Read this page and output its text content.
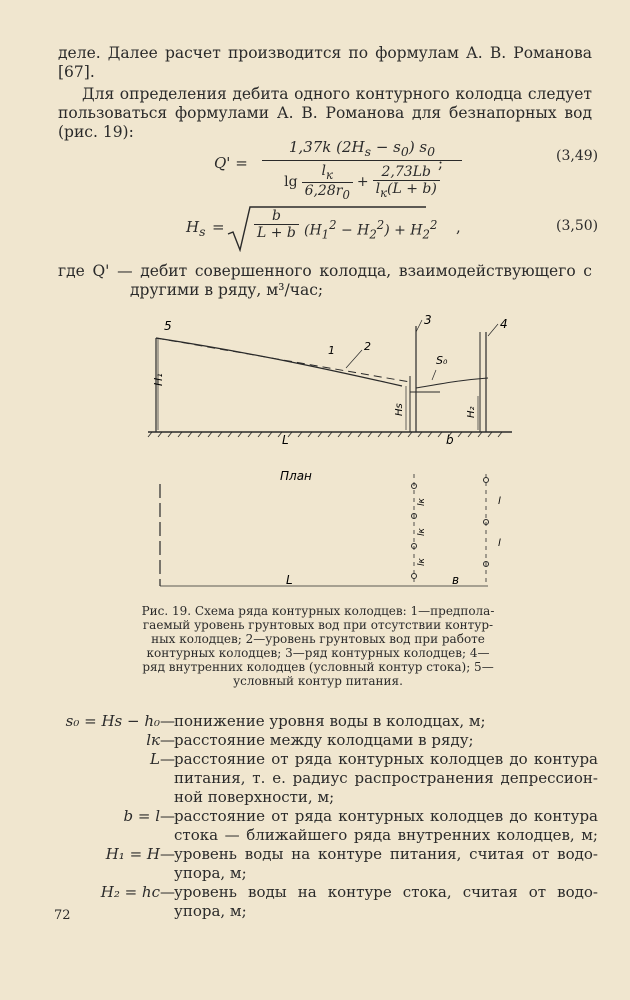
деле. Далее расчет производится по формулам А. В. Романова
[67].
Для определения дебита одного контурного колодца следует
пользоваться формулами А. В. Романова для безнапорных вод
(рис. 19):
Q' =
1,37k $(2H_s - s_0)$ $s_0$
$\lg \frac{l_к}{6,28r_0} + \frac{2,73Lb}{l_к(L + b)}$
;	(3,49)
$H_s = \frac{b}{L + b} (H_1^2 - H_2^2) + H_2^2$ ,	(3,50)
где Q' — дебит совершенного колодца, взаимодействующего с
другими в ряду, м³/час;
5
1	2
3
S₀
4
H₁
Hs	H₂
L	b
План
lк
lк
lк
l
l
L	в
Рис. 19. Схема ряда контурных колодцев: 1—предпола-
гаемый уровень грунтовых вод при отсутствии контур-
ных колодцев; 2—уровень грунтовых вод при работе
контурных колодцев; 3—ряд контурных колодцев; 4—
ряд внутренних колодцев (условный контур стока); 5—
условный контур питания.
s₀ = Hs − h₀ — понижение уровня воды в колодцах, м;
lк — расстояние между колодцами в ряду;
L — расстояние от ряда контурных колодцев до контура
питания, т. е. радиус распространения депрессион-
ной поверхности, м;
b = l — расстояние от ряда контурных колодцев до контура
стока — ближайшего ряда внутренних колодцев, м;
H₁ = H — уровень воды на контуре питания, считая от водо-
упора, м;
H₂ = hс — уровень воды на контуре стока, считая от водо-
упора, м;
72
